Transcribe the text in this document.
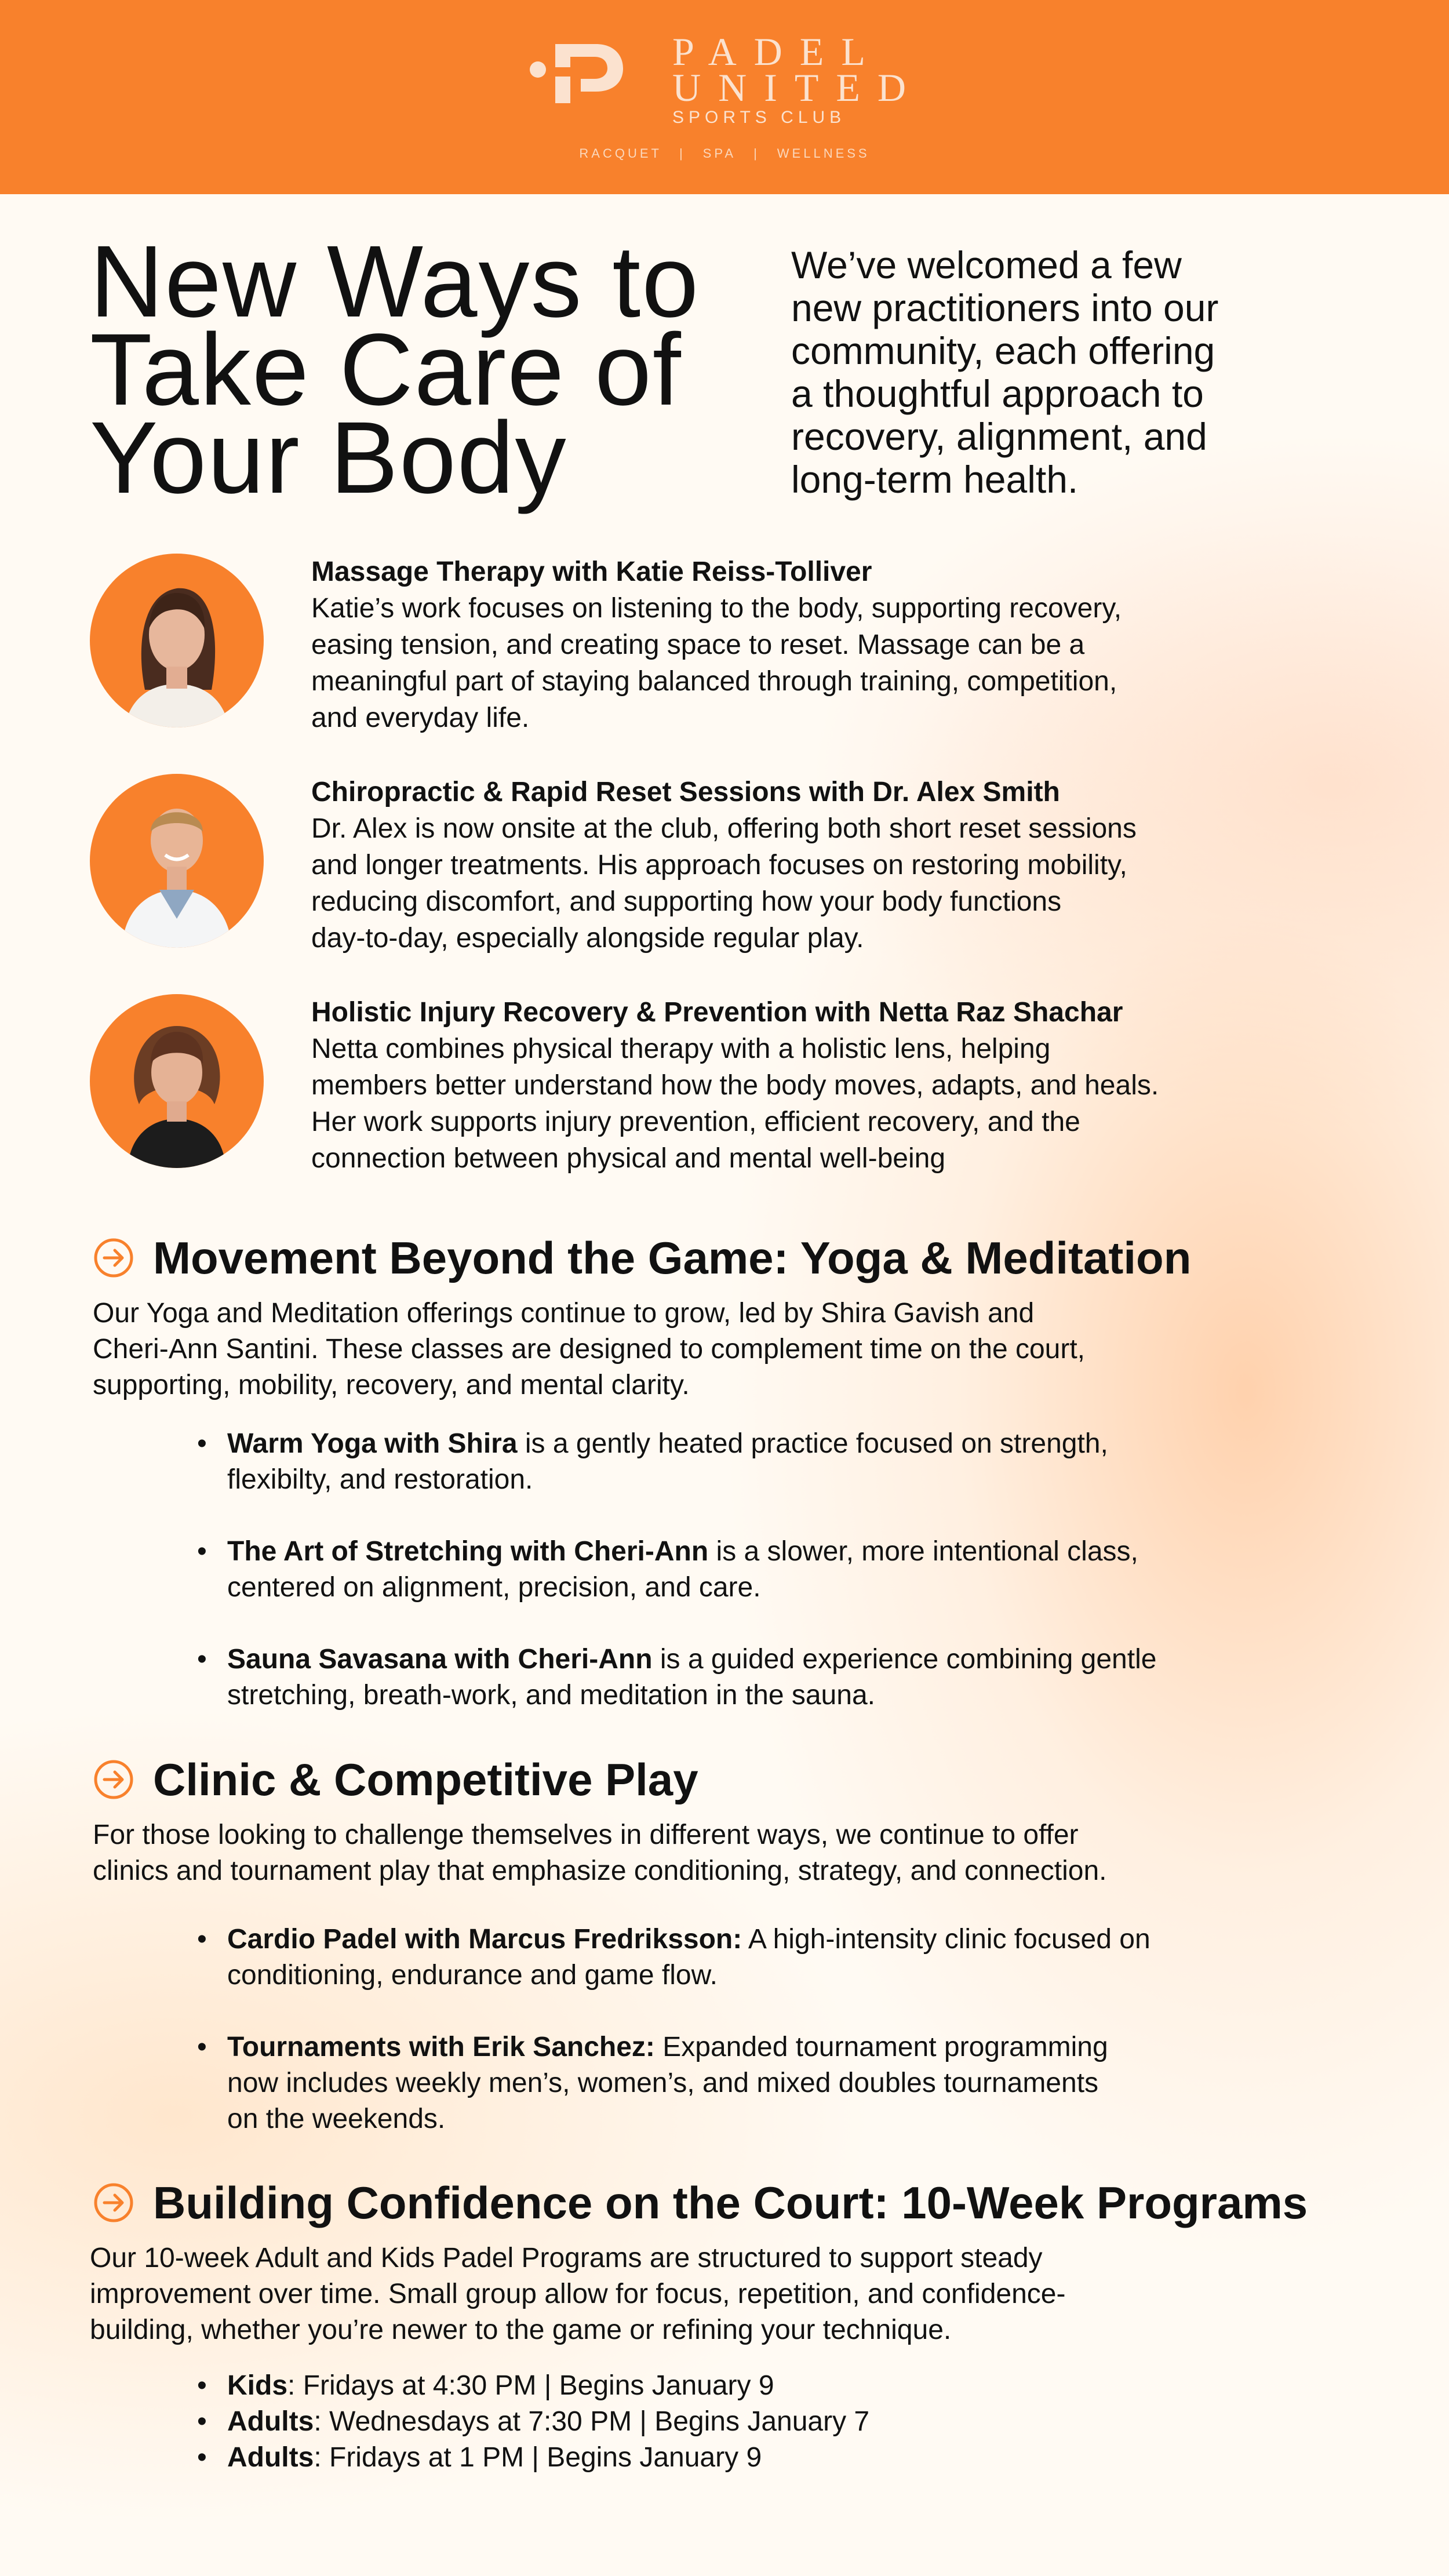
PADEL
UNITED
SPORTS CLUB
RACQUET | SPA | WELLNESS
New Ways to
Take Care of
Your Body

We’ve welcomed a few
new practitioners into our
community, each offering
a thoughtful approach to
recovery, alignment, and
long-term health.

Massage Therapy with Katie Reiss-Tolliver
Katie’s work focuses on listening to the body, supporting recovery,
easing tension, and creating space to reset. Massage can be a
meaningful part of staying balanced through training, competition,
and everyday life.
Chiropractic & Rapid Reset Sessions with Dr. Alex Smith
Dr. Alex is now onsite at the club, offering both short reset sessions
and longer treatments. His approach focuses on restoring mobility,
reducing discomfort, and supporting how your body functions
day-to-day, especially alongside regular play.
Holistic Injury Recovery & Prevention with Netta Raz Shachar
Netta combines physical therapy with a holistic lens, helping
members better understand how the body moves, adapts, and heals.
Her work supports injury prevention, efficient recovery, and the
connection between physical and mental well-being
Movement Beyond the Game: Yoga & Meditation

Our Yoga and Meditation offerings continue to grow, led by Shira Gavish and
Cheri-Ann Santini. These classes are designed to complement time on the court,
supporting, mobility, recovery, and mental clarity.

• Warm Yoga with Shira is a gently heated practice focused on strength,
flexibilty, and restoration.
• The Art of Stretching with Cheri-Ann is a slower, more intentional class,
centered on alignment, precision, and care.
• Sauna Savasana with Cheri-Ann is a guided experience combining gentle
stretching, breath-work, and meditation in the sauna.
Clinic & Competitive Play

For those looking to challenge themselves in different ways, we continue to offer
clinics and tournament play that emphasize conditioning, strategy, and connection.

• Cardio Padel with Marcus Fredriksson: A high-intensity clinic focused on
conditioning, endurance and game flow.
• Tournaments with Erik Sanchez: Expanded tournament programming
now includes weekly men’s, women’s, and mixed doubles tournaments
on the weekends.
Building Confidence on the Court: 10-Week Programs

Our 10-week Adult and Kids Padel Programs are structured to support steady
improvement over time. Small group allow for focus, repetition, and confidence-
building, whether you’re newer to the game or refining your technique.

• Kids: Fridays at 4:30 PM | Begins January 9
• Adults: Wednesdays at 7:30 PM | Begins January 7
• Adults: Fridays at 1 PM | Begins January 9
